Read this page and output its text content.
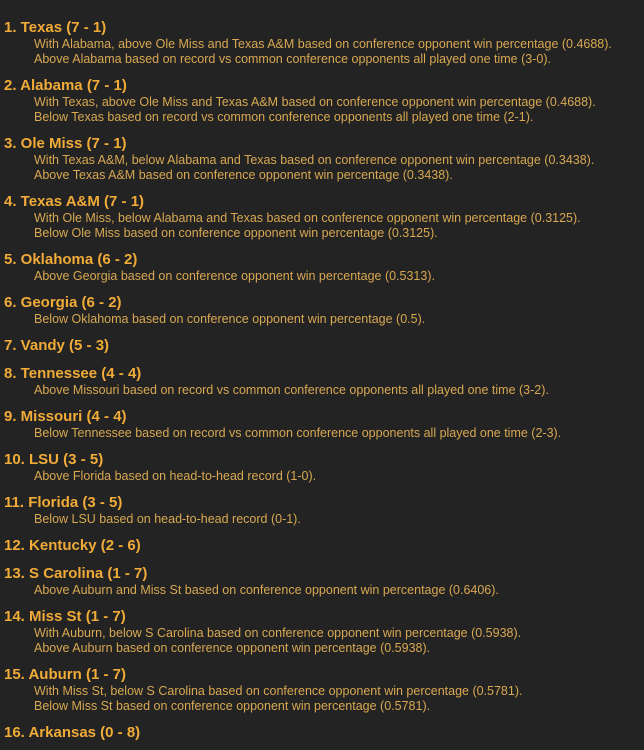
1. Texas (7 - 1)
With Alabama, above Ole Miss and Texas A&M based on conference opponent win percentage (0.4688).
Above Alabama based on record vs common conference opponents all played one time (3-0).
2. Alabama (7 - 1)
With Texas, above Ole Miss and Texas A&M based on conference opponent win percentage (0.4688).
Below Texas based on record vs common conference opponents all played one time (2-1).
3. Ole Miss (7 - 1)
With Texas A&M, below Alabama and Texas based on conference opponent win percentage (0.3438).
Above Texas A&M based on conference opponent win percentage (0.3438).
4. Texas A&M (7 - 1)
With Ole Miss, below Alabama and Texas based on conference opponent win percentage (0.3125).
Below Ole Miss based on conference opponent win percentage (0.3125).
5. Oklahoma (6 - 2)
Above Georgia based on conference opponent win percentage (0.5313).
6. Georgia (6 - 2)
Below Oklahoma based on conference opponent win percentage (0.5).
7. Vandy (5 - 3)
8. Tennessee (4 - 4)
Above Missouri based on record vs common conference opponents all played one time (3-2).
9. Missouri (4 - 4)
Below Tennessee based on record vs common conference opponents all played one time (2-3).
10. LSU (3 - 5)
Above Florida based on head-to-head record (1-0).
11. Florida (3 - 5)
Below LSU based on head-to-head record (0-1).
12. Kentucky (2 - 6)
13. S Carolina (1 - 7)
Above Auburn and Miss St based on conference opponent win percentage (0.6406).
14. Miss St (1 - 7)
With Auburn, below S Carolina based on conference opponent win percentage (0.5938).
Above Auburn based on conference opponent win percentage (0.5938).
15. Auburn (1 - 7)
With Miss St, below S Carolina based on conference opponent win percentage (0.5781).
Below Miss St based on conference opponent win percentage (0.5781).
16. Arkansas (0 - 8)
